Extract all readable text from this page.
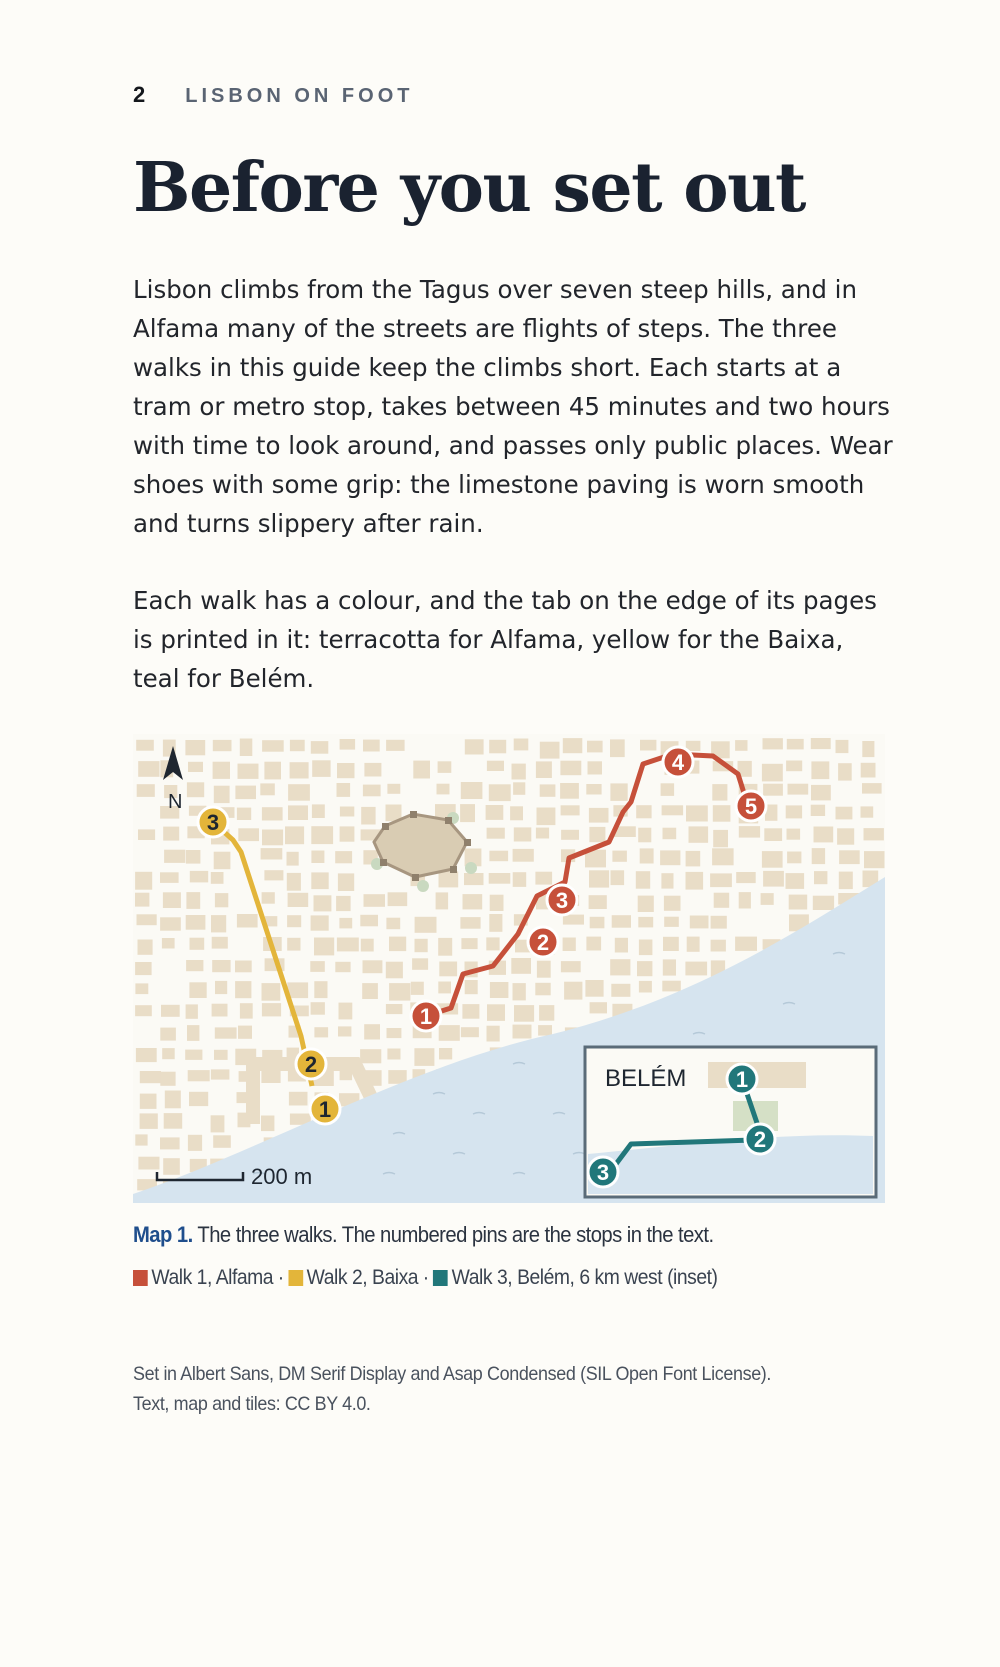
2 LISBON ON FOOT
Before you set out

Lisbon climbs from the Tagus over seven steep hills, and in Alfama many of the streets are flights of steps. The three walks in this guide keep the climbs short. Each starts at a tram or metro stop, takes between 45 minutes and two hours with time to look around, and passes only public places. Wear shoes with some grip: the limestone paving is worn smooth and turns slippery after rain.

Each walk has a colour, and the tab on the edge of its pages is printed in it: terracotta for Alfama, yellow for the Baixa, teal for Belém.

N
BELÉM
1
2
3
4
5
1
2
3
1
2
3
200 m

Map 1. The three walks. The numbered pins are the stops in the text.

Walk 1, Alfama · Walk 2, Baixa · Walk 3, Belém, 6 km west (inset)

Set in Albert Sans, DM Serif Display and Asap Condensed (SIL Open Font License).
Text, map and tiles: CC BY 4.0.
